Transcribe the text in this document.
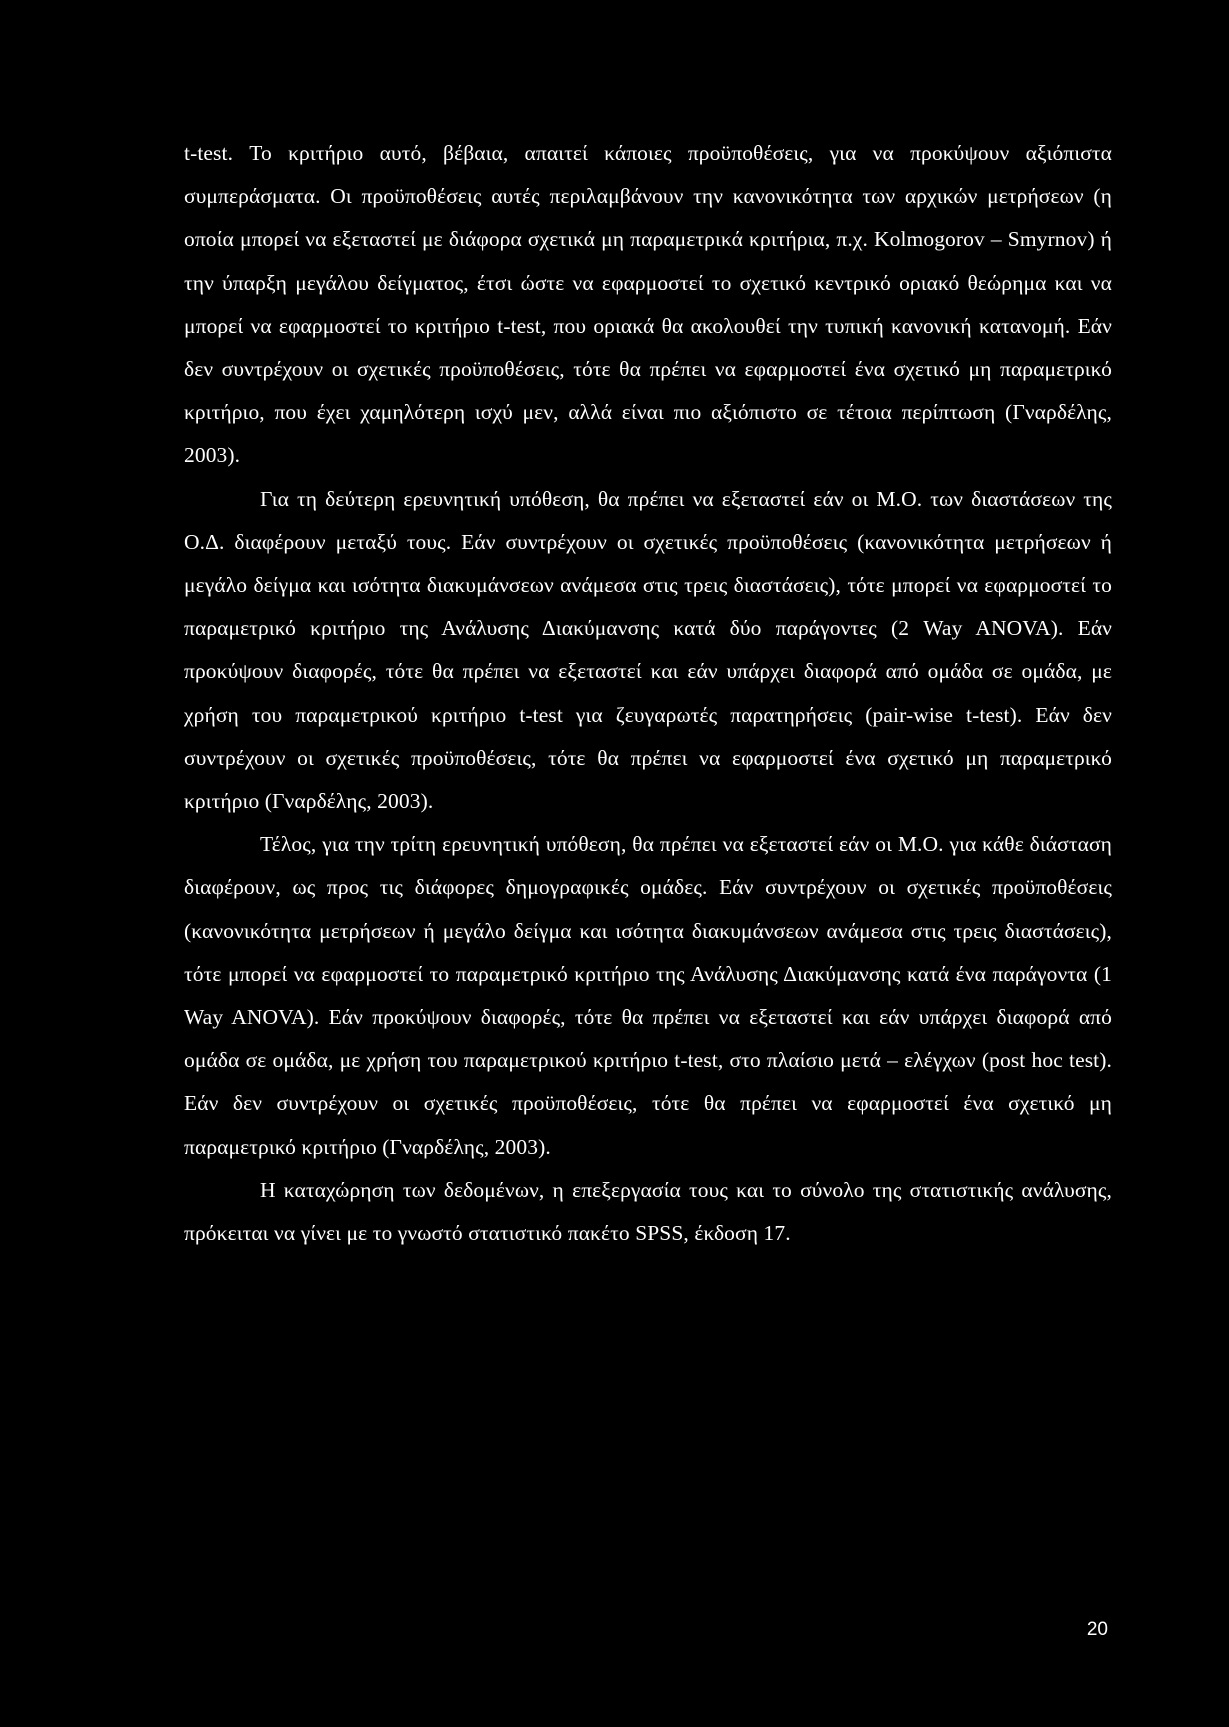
t-test. Το κριτήριο αυτό, βέβαια, απαιτεί κάποιες προϋποθέσεις, για να προκύψουν αξιόπιστα συμπεράσματα. Οι προϋποθέσεις αυτές περιλαμβάνουν την κανονικότητα των αρχικών μετρήσεων (η οποία μπορεί να εξεταστεί με διάφορα σχετικά μη παραμετρικά κριτήρια, π.χ. Kolmogorov – Smyrnov) ή την ύπαρξη μεγάλου δείγματος, έτσι ώστε να εφαρμοστεί το σχετικό κεντρικό οριακό θεώρημα και να μπορεί να εφαρμοστεί το κριτήριο t-test, που οριακά θα ακολουθεί την τυπική κανονική κατανομή. Εάν δεν συντρέχουν οι σχετικές προϋποθέσεις, τότε θα πρέπει να εφαρμοστεί ένα σχετικό μη παραμετρικό κριτήριο, που έχει χαμηλότερη ισχύ μεν, αλλά είναι πιο αξιόπιστο σε τέτοια περίπτωση (Γναρδέλης, 2003).

Για τη δεύτερη ερευνητική υπόθεση, θα πρέπει να εξεταστεί εάν οι Μ.Ο. των διαστάσεων της Ο.Δ. διαφέρουν μεταξύ τους. Εάν συντρέχουν οι σχετικές προϋποθέσεις (κανονικότητα μετρήσεων ή μεγάλο δείγμα και ισότητα διακυμάνσεων ανάμεσα στις τρεις διαστάσεις), τότε μπορεί να εφαρμοστεί το παραμετρικό κριτήριο της Ανάλυσης Διακύμανσης κατά δύο παράγοντες (2 Way ANOVA). Εάν προκύψουν διαφορές, τότε θα πρέπει να εξεταστεί και εάν υπάρχει διαφορά από ομάδα σε ομάδα, με χρήση του παραμετρικού κριτήριο t-test για ζευγαρωτές παρατηρήσεις (pair-wise t-test). Εάν δεν συντρέχουν οι σχετικές προϋποθέσεις, τότε θα πρέπει να εφαρμοστεί ένα σχετικό μη παραμετρικό κριτήριο (Γναρδέλης, 2003).

Τέλος, για την τρίτη ερευνητική υπόθεση, θα πρέπει να εξεταστεί εάν οι Μ.Ο. για κάθε διάσταση διαφέρουν, ως προς τις διάφορες δημογραφικές ομάδες. Εάν συντρέχουν οι σχετικές προϋποθέσεις (κανονικότητα μετρήσεων ή μεγάλο δείγμα και ισότητα διακυμάνσεων ανάμεσα στις τρεις διαστάσεις), τότε μπορεί να εφαρμοστεί το παραμετρικό κριτήριο της Ανάλυσης Διακύμανσης κατά ένα παράγοντα (1 Way ANOVA). Εάν προκύψουν διαφορές, τότε θα πρέπει να εξεταστεί και εάν υπάρχει διαφορά από ομάδα σε ομάδα, με χρήση του παραμετρικού κριτήριο t-test, στο πλαίσιο μετά – ελέγχων (post hoc test). Εάν δεν συντρέχουν οι σχετικές προϋποθέσεις, τότε θα πρέπει να εφαρμοστεί ένα σχετικό μη παραμετρικό κριτήριο (Γναρδέλης, 2003).

Η καταχώρηση των δεδομένων, η επεξεργασία τους και το σύνολο της στατιστικής ανάλυσης, πρόκειται να γίνει με το γνωστό στατιστικό πακέτο SPSS, έκδοση 17.

20
